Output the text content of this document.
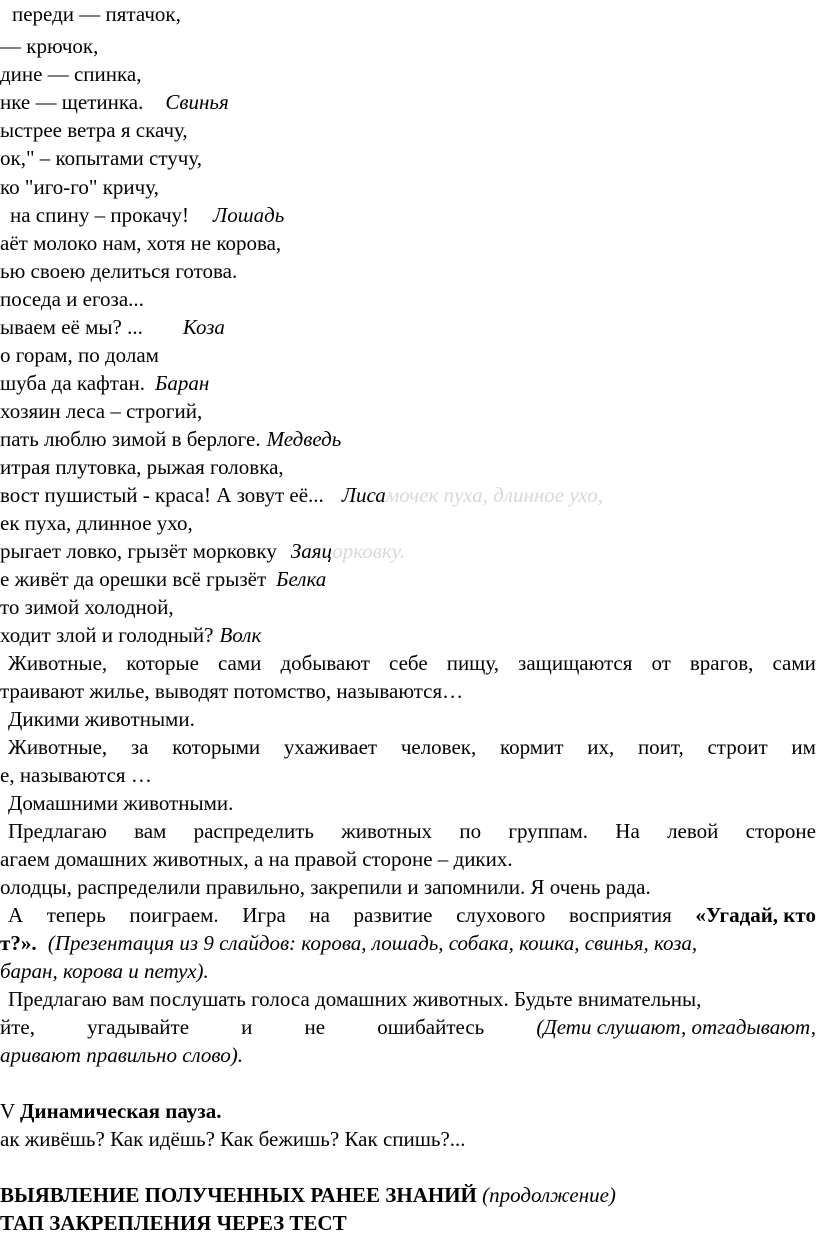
переди — пятачок,
— крючок,
дине — спинка,
нке — щетинка. Свинья
ыстрее ветра я скачу,
ок," – копытами стучу,
ко "иго-го" кричу,
на спину – прокачу! Лошадь
аёт молоко нам, хотя не корова,
ью своею делиться готова.
поседа и егоза...
ывaем её мы? ... Коза
о горам, по долам
шуба да кафтан. Баран
хозяин леса – строгий,
пать люблю зимой в берлоге. Медведь
итрая плутовка, рыжая головка,
вост пушистый - краса! А зовут её... Лисамочек пуха, длинное ухо,
ек пуха, длинное ухо,
рыгает ловко, грызёт морковку Заяцорковку.
е живёт да орешки всё грызёт Белка
то зимой холодной,
ходит злой и голодный? Волк
Животные, которые сами добывают себе пищу, защищаются от врагов, сами
траивают жилье, выводят потомство, называются…
Дикими животными.
Животные, за которыми ухаживает человек, кормит их, поит, строит им
е, называются …
Домашними животными.
Предлагаю вам распределить животных по группам. На левой стороне
агаем домашних животных, а на правой стороне – диких.
олодцы, распределили правильно, закрепили и запомнили. Я очень рада.
А теперь поиграем. Игра на развитие слухового восприятия «Угадай, кто
т?». (Презентация из 9 слайдов: корова, лошадь, собака, кошка, свинья, коза,
баран, корова и петух).
Предлагаю вам послушать голоса домашних животных. Будьте внимательны,
йте, угадывайте и не ошибайтесь (Дети слушают, отгадывают,
аривают правильно слово).
V Динамическая пауза.
ак живёшь? Как идёшь? Как бежишь? Как спишь?...
ВЫЯВЛЕНИЕ ПОЛУЧЕННЫХ РАНЕЕ ЗНАНИЙ (продолжение)
ТАП ЗАКРЕПЛЕНИЯ ЧЕРЕЗ ТЕСТ
